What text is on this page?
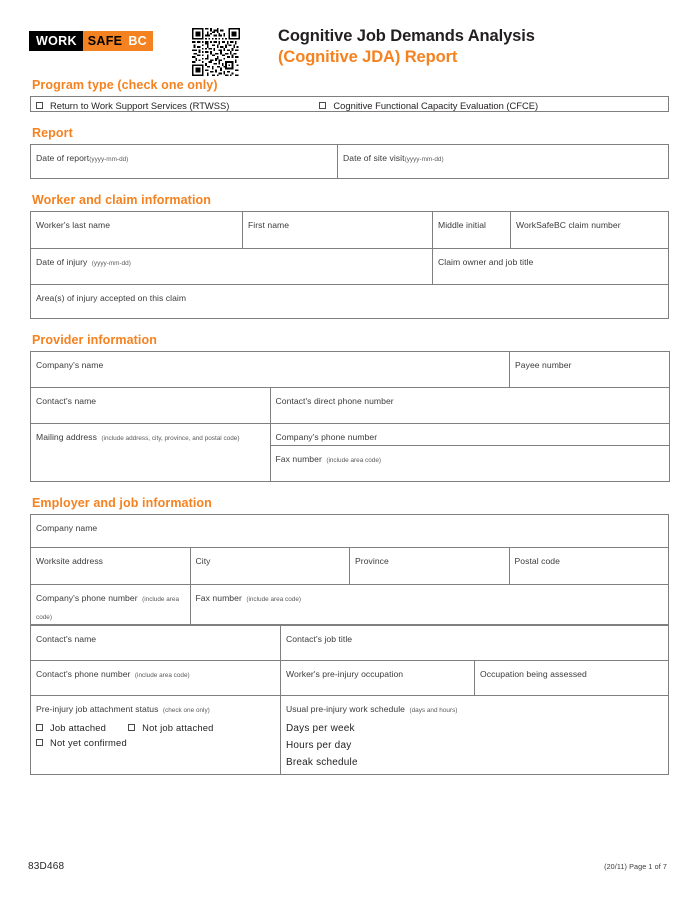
WORK SAFE BC	Cognitive Job Demands Analysis
(Cognitive JDA) Report
Program type (check one only)
Return to Work Support Services (RTWSS)	Cognitive Functional Capacity Evaluation (CFCE)
Report
Date of report(yyyy-mm-dd)	Date of site visit(yyyy-mm-dd)
Worker and claim information
Worker's last name	First name	Middle initial	WorkSafeBC claim number
Date of injury (yyyy-mm-dd)		Claim owner and job title	
Area(s) of injury accepted on this claim			
Provider information
Company's name		Payee number
Contact's name	Contact's direct phone number	
Mailing address (include address, city, province, and postal code)	Company's phone number	
	Fax number (include area code)	
Employer and job information
Company name			
Worksite address	City	Province	Postal code
Company's phone number (include area code)	Fax number (include area code)		
Contact's name	Contact's job title	
Contact's phone number (include area code)	Worker's pre-injury occupation	Occupation being assessed
Pre-injury job attachment status (check one only)
Job attached	Not job attached
Not yet confirmed
	Usual pre-injury work schedule (days and hours)
Days per week
Hours per day
Break schedule
83D468	(20/11) Page 1 of 7
